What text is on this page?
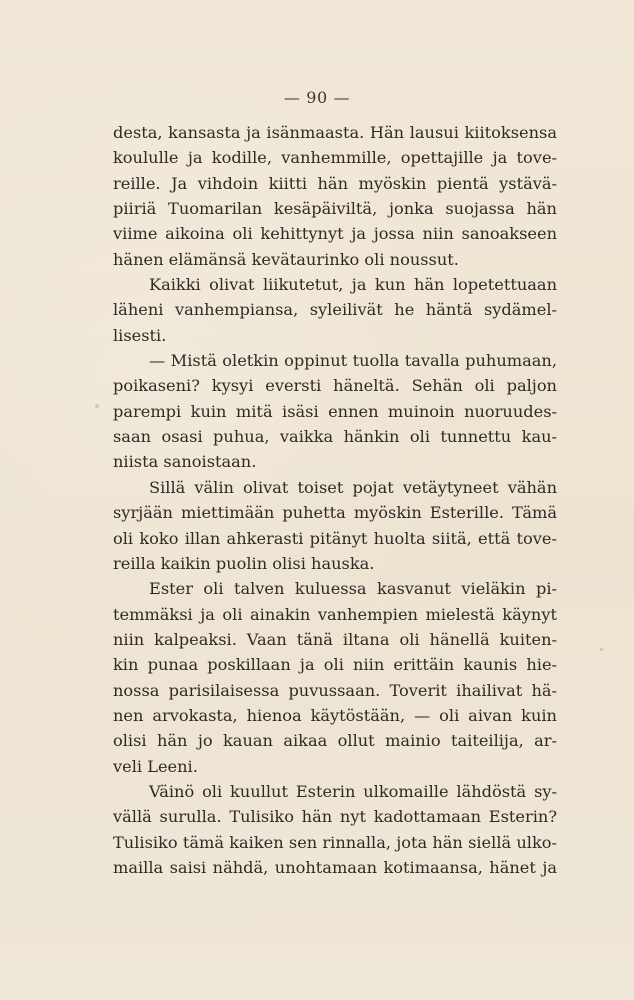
— 90 —
desta, kansasta ja isänmaasta. Hän lausui kiitoksensa
koululle ja kodille, vanhemmille, opettajille ja tove-
reille. Ja vihdoin kiitti hän myöskin pientä ystävä-
piiriä Tuomarilan kesäpäiviltä, jonka suojassa hän
viime aikoina oli kehittynyt ja jossa niin sanoakseen
hänen elämänsä kevätaurinko oli noussut.
Kaikki olivat liikutetut, ja kun hän lopetettuaan
läheni vanhempiansa, syleilivät he häntä sydämel-
lisesti.
— Mistä oletkin oppinut tuolla tavalla puhumaan,
poikaseni? kysyi eversti häneltä. Sehän oli paljon
parempi kuin mitä isäsi ennen muinoin nuoruudes-
saan osasi puhua, vaikka hänkin oli tunnettu kau-
niista sanoistaan.
Sillä välin olivat toiset pojat vetäytyneet vähän
syrjään miettimään puhetta myöskin Esterille. Tämä
oli koko illan ahkerasti pitänyt huolta siitä, että tove-
reilla kaikin puolin olisi hauska.
Ester oli talven kuluessa kasvanut vieläkin pi-
temmäksi ja oli ainakin vanhempien mielestä käynyt
niin kalpeaksi. Vaan tänä iltana oli hänellä kuiten-
kin punaa poskillaan ja oli niin erittäin kaunis hie-
nossa parisilaisessa puvussaan. Toverit ihailivat hä-
nen arvokasta, hienoa käytöstään, — oli aivan kuin
olisi hän jo kauan aikaa ollut mainio taiteilija, ar-
veli Leeni.
Väinö oli kuullut Esterin ulkomaille lähdöstä sy-
vällä surulla. Tulisiko hän nyt kadottamaan Esterin?
Tulisiko tämä kaiken sen rinnalla, jota hän siellä ulko-
mailla saisi nähdä, unohtamaan kotimaansa, hänet ja
